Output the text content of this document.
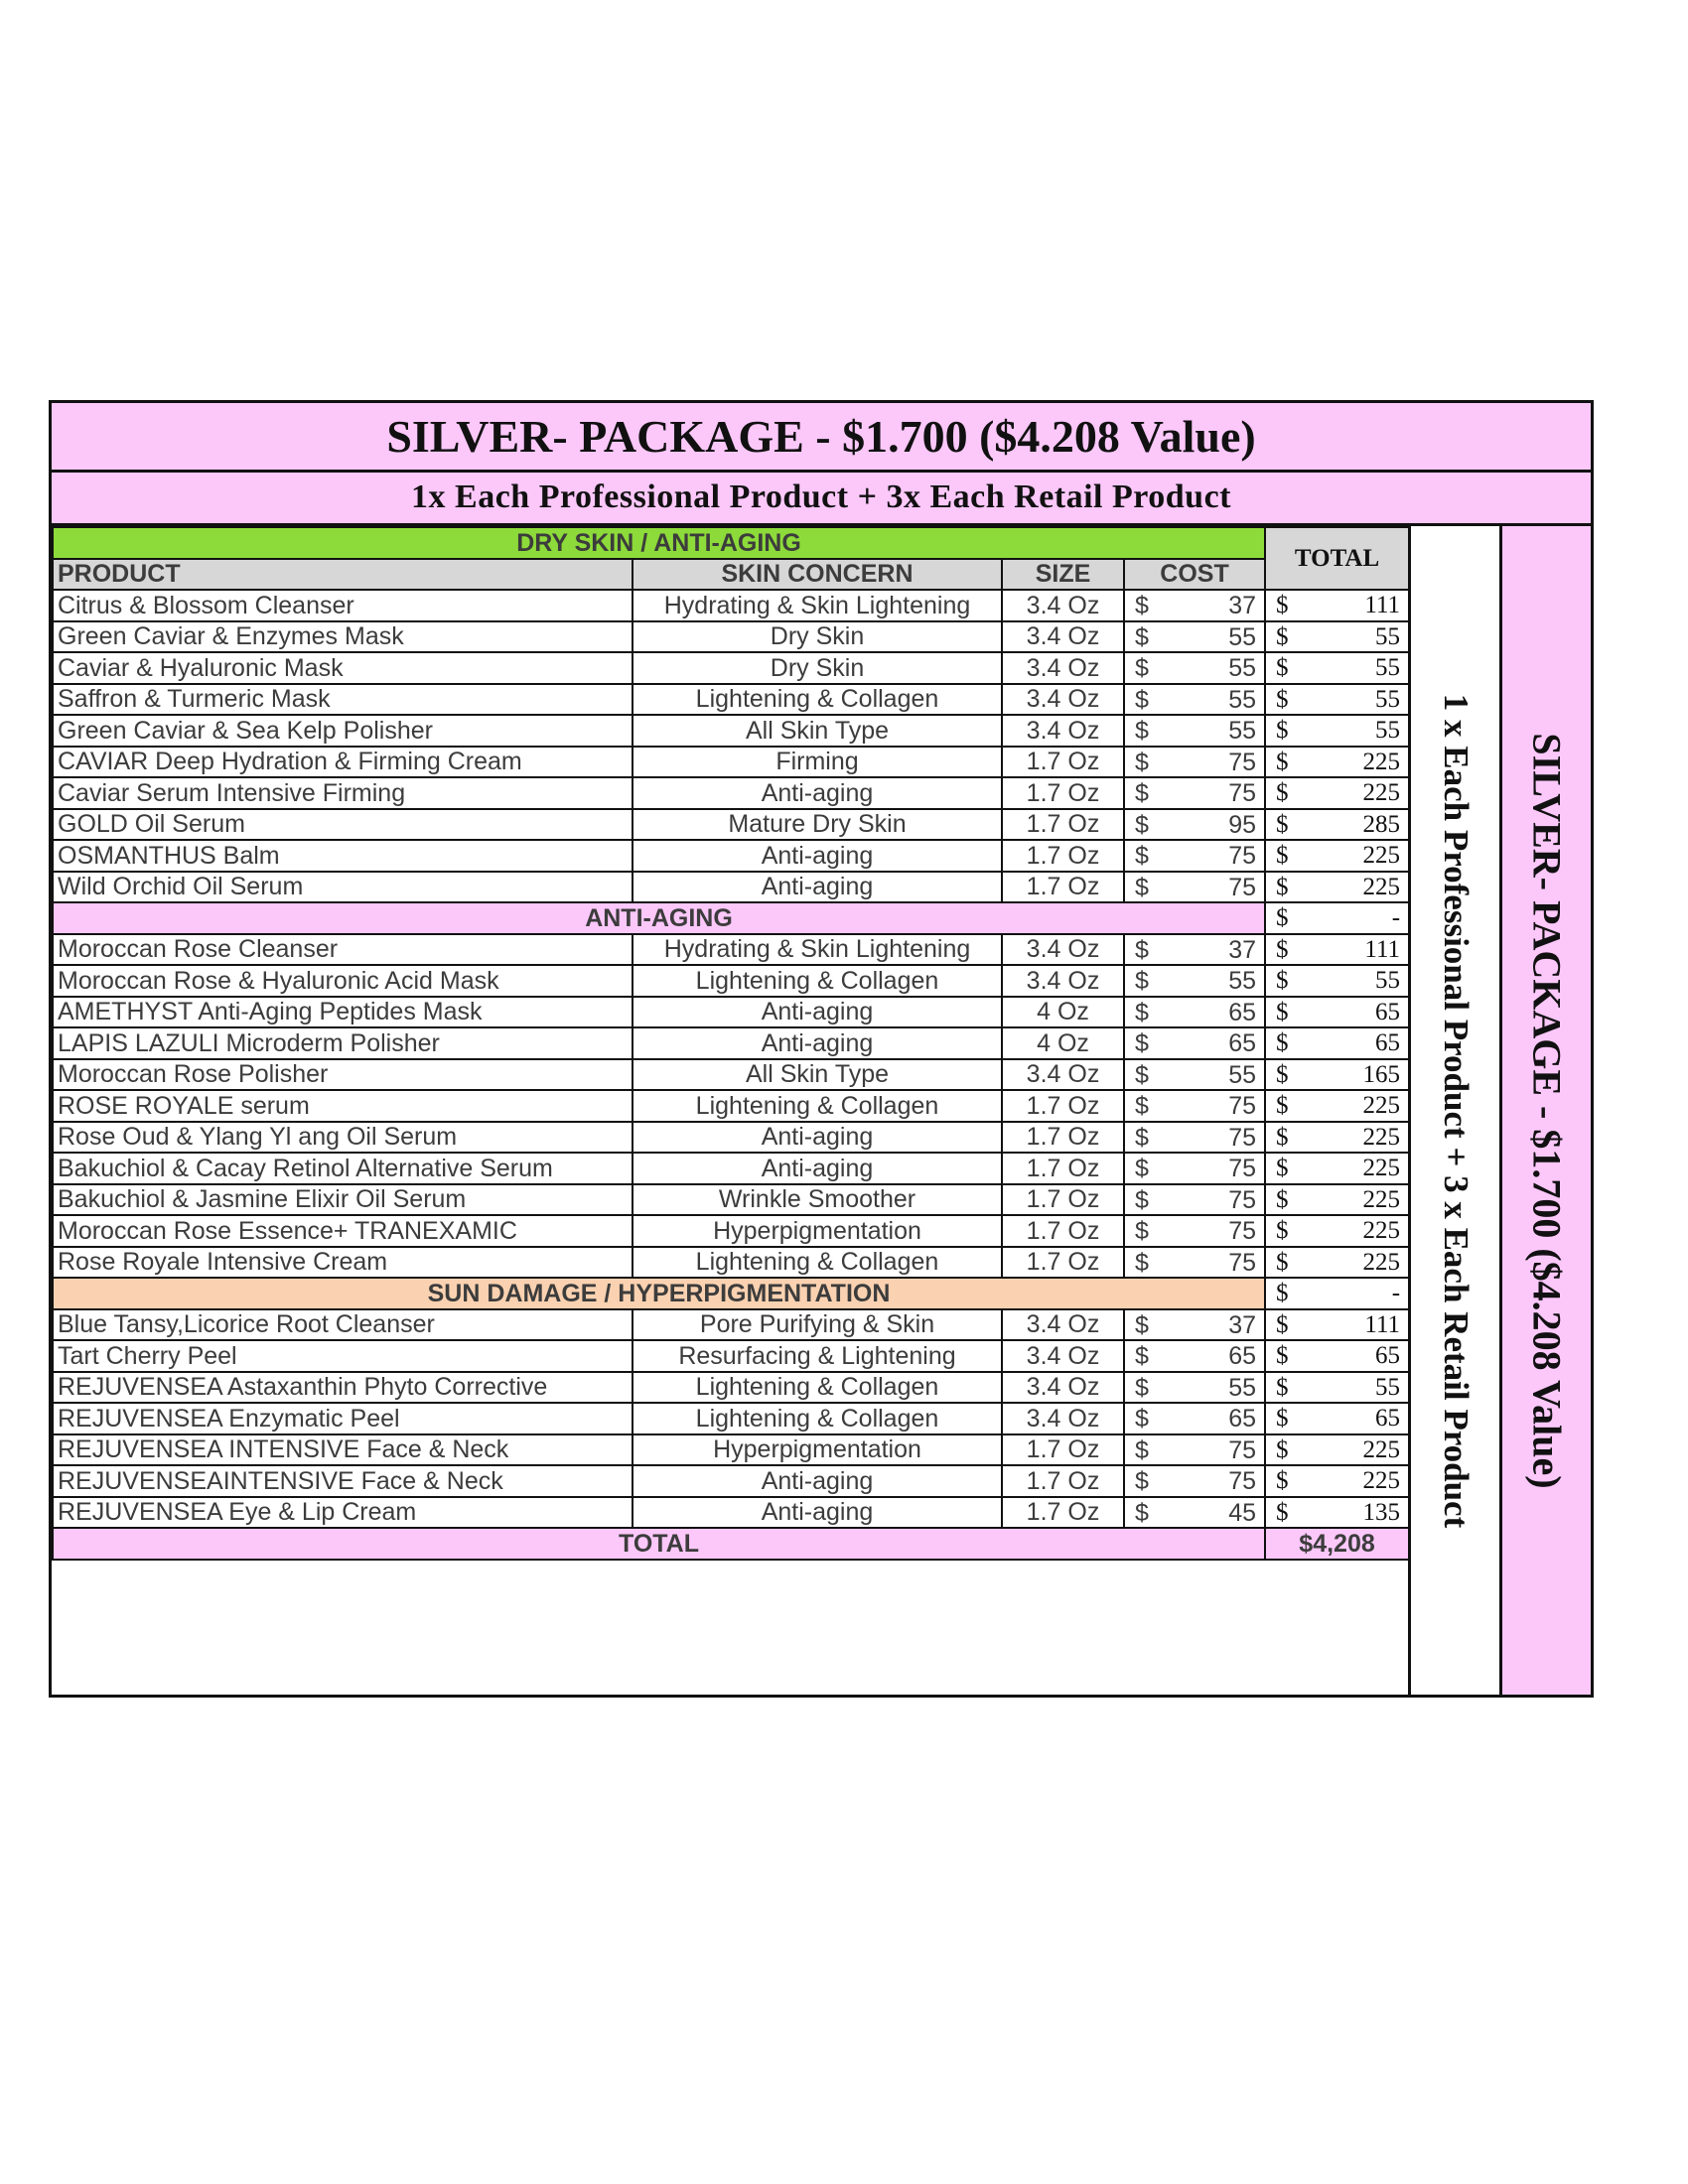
SILVER- PACKAGE - $1.700 ($4.208 Value)
1x Each Professional Product + 3x Each Retail Product
DRY SKIN / ANTI-AGING				TOTAL
PRODUCT	SKIN CONCERN	SIZE	COST	
Citrus & Blossom Cleanser	Hydrating & Skin Lightening	3.4 Oz	$ 37	$ 111

Green Caviar & Enzymes Mask	Dry Skin	3.4 Oz	$ 55	$ 55

Caviar & Hyaluronic Mask	Dry Skin	3.4 Oz	$ 55	$ 55

Saffron & Turmeric Mask	Lightening & Collagen	3.4 Oz	$ 55	$ 55

Green Caviar & Sea Kelp Polisher	All Skin Type	3.4 Oz	$ 55	$ 55

CAVIAR Deep Hydration & Firming Cream	Firming	1.7 Oz	$ 75	$ 225

Caviar Serum Intensive Firming	Anti-aging	1.7 Oz	$ 75	$ 225

GOLD Oil Serum	Mature Dry Skin	1.7 Oz	$ 95	$ 285

OSMANTHUS Balm	Anti-aging	1.7 Oz	$ 75	$ 225

Wild Orchid Oil Serum	Anti-aging	1.7 Oz	$ 75	$ 225

ANTI-AGING				$ -

Moroccan Rose Cleanser	Hydrating & Skin Lightening	3.4 Oz	$ 37	$ 111

Moroccan Rose & Hyaluronic Acid Mask	Lightening & Collagen	3.4 Oz	$ 55	$ 55

AMETHYST Anti-Aging Peptides Mask	Anti-aging	4 Oz	$ 65	$ 65

LAPIS LAZULI Microderm Polisher	Anti-aging	4 Oz	$ 65	$ 65

Moroccan Rose Polisher	All Skin Type	3.4 Oz	$ 55	$ 165

ROSE ROYALE serum	Lightening & Collagen	1.7 Oz	$ 75	$ 225

Rose Oud & Ylang Yl ang Oil Serum	Anti-aging	1.7 Oz	$ 75	$ 225

Bakuchiol & Cacay Retinol Alternative Serum	Anti-aging	1.7 Oz	$ 75	$ 225

Bakuchiol & Jasmine Elixir Oil Serum	Wrinkle Smoother	1.7 Oz	$ 75	$ 225

Moroccan Rose Essence+ TRANEXAMIC	Hyperpigmentation	1.7 Oz	$ 75	$ 225

Rose Royale Intensive Cream	Lightening & Collagen	1.7 Oz	$ 75	$ 225

SUN DAMAGE / HYPERPIGMENTATION				$ -

Blue Tansy,Licorice Root Cleanser	Pore Purifying & Skin	3.4 Oz	$ 37	$ 111

Tart Cherry Peel	Resurfacing & Lightening	3.4 Oz	$ 65	$ 65

REJUVENSEA Astaxanthin Phyto Corrective	Lightening & Collagen	3.4 Oz	$ 55	$ 55

REJUVENSEA Enzymatic Peel	Lightening & Collagen	3.4 Oz	$ 65	$ 65

REJUVENSEA INTENSIVE Face & Neck	Hyperpigmentation	1.7 Oz	$ 75	$ 225

REJUVENSEAINTENSIVE Face & Neck	Anti-aging	1.7 Oz	$ 75	$ 225

REJUVENSEA Eye & Lip Cream	Anti-aging	1.7 Oz	$ 45	$ 135

TOTAL				$4,208
1 x Each Professional Product + 3 x Each Retail Product SILVER- PACKAGE - $1.700 ($4.208 Value)
